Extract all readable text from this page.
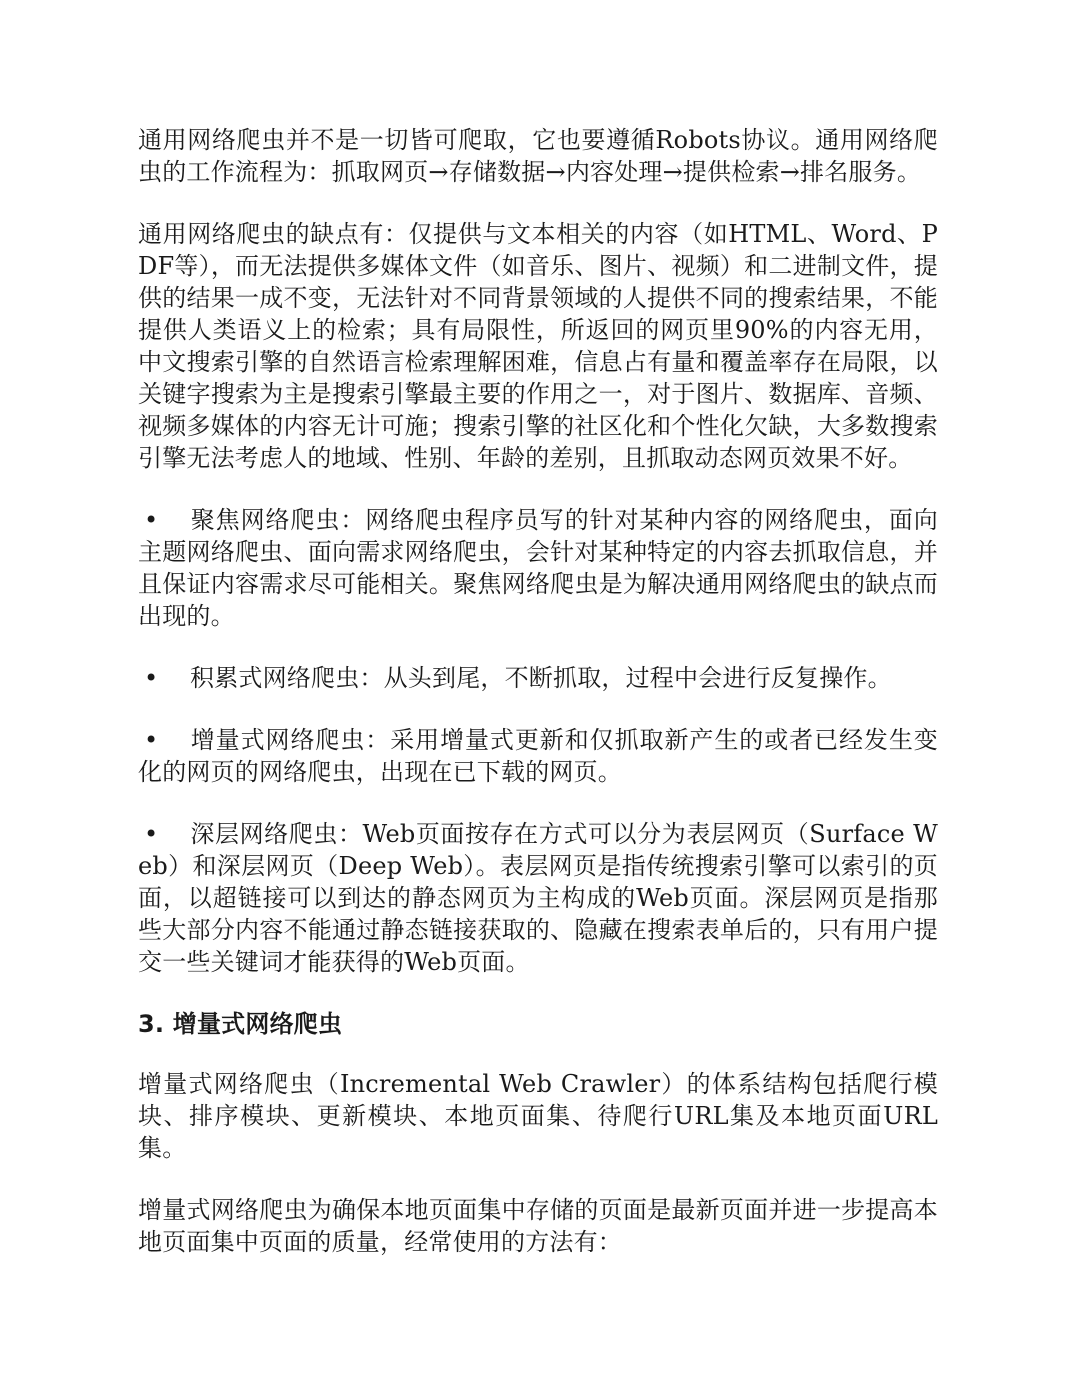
通用网络爬虫并不是一切皆可爬取，它也要遵循Robots协议。通用网络爬虫的工作流程为：抓取网页→存储数据→内容处理→提供检索→排名服务。

通用网络爬虫的缺点有：仅提供与文本相关的内容（如HTML、Word、PDF等），而无法提供多媒体文件（如音乐、图片、视频）和二进制文件，提供的结果一成不变，无法针对不同背景领域的人提供不同的搜索结果，不能提供人类语义上的检索；具有局限性，所返回的网页里90%的内容无用，中文搜索引擎的自然语言检索理解困难，信息占有量和覆盖率存在局限，以关键字搜索为主是搜索引擎最主要的作用之一，对于图片、数据库、音频、视频多媒体的内容无计可施；搜索引擎的社区化和个性化欠缺，大多数搜索引擎无法考虑人的地域、性别、年龄的差别，且抓取动态网页效果不好。

• 聚焦网络爬虫：网络爬虫程序员写的针对某种内容的网络爬虫，面向主题网络爬虫、面向需求网络爬虫，会针对某种特定的内容去抓取信息，并且保证内容需求尽可能相关。聚焦网络爬虫是为解决通用网络爬虫的缺点而出现的。
• 积累式网络爬虫：从头到尾，不断抓取，过程中会进行反复操作。
• 增量式网络爬虫：采用增量式更新和仅抓取新产生的或者已经发生变化的网页的网络爬虫，出现在已下载的网页。
• 深层网络爬虫：Web页面按存在方式可以分为表层网页（Surface Web）和深层网页（Deep Web）。表层网页是指传统搜索引擎可以索引的页面，以超链接可以到达的静态网页为主构成的Web页面。深层网页是指那些大部分内容不能通过静态链接获取的、隐藏在搜索表单后的，只有用户提交一些关键词才能获得的Web页面。
3. 增量式网络爬虫

增量式网络爬虫（Incremental Web Crawler）的体系结构包括爬行模块、排序模块、更新模块、本地页面集、待爬行URL集及本地页面URL集。

增量式网络爬虫为确保本地页面集中存储的页面是最新页面并进一步提高本地页面集中页面的质量，经常使用的方法有：
